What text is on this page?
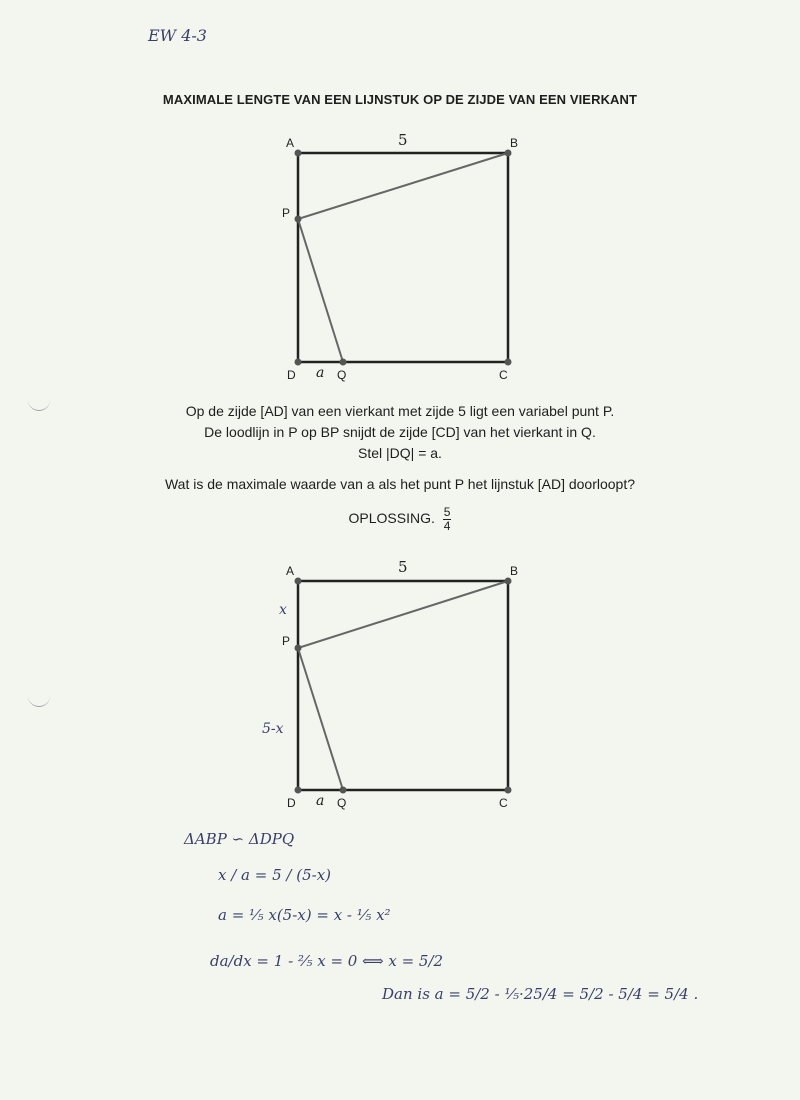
EW 4-3
MAXIMALE LENGTE VAN EEN LIJNSTUK OP DE ZIJDE VAN EEN VIERKANT
A	B
C
D
P
Q
5
a
Op de zijde [AD] van een vierkant met zijde 5 ligt een variabel punt P.
De loodlijn in P op BP snijdt de zijde [CD] van het vierkant in Q.
Stel |DQ| = a.
Wat is de maximale waarde van a als het punt P het lijnstuk [AD] doorloopt?
OPLOSSING. $\frac{5}{4}$
A	B
C
D
P
Q
5
a
x
5-x
ΔABP ∽ ΔDPQ
x / a = 5 / (5-x)
a = ⅕ x(5-x) = x - ⅕ x²
da/dx = 1 - ⅖ x = 0 ⟺ x = 5/2
Dan is a = 5/2 - ⅕·25/4 = 5/2 - 5/4 = 5/4 .
